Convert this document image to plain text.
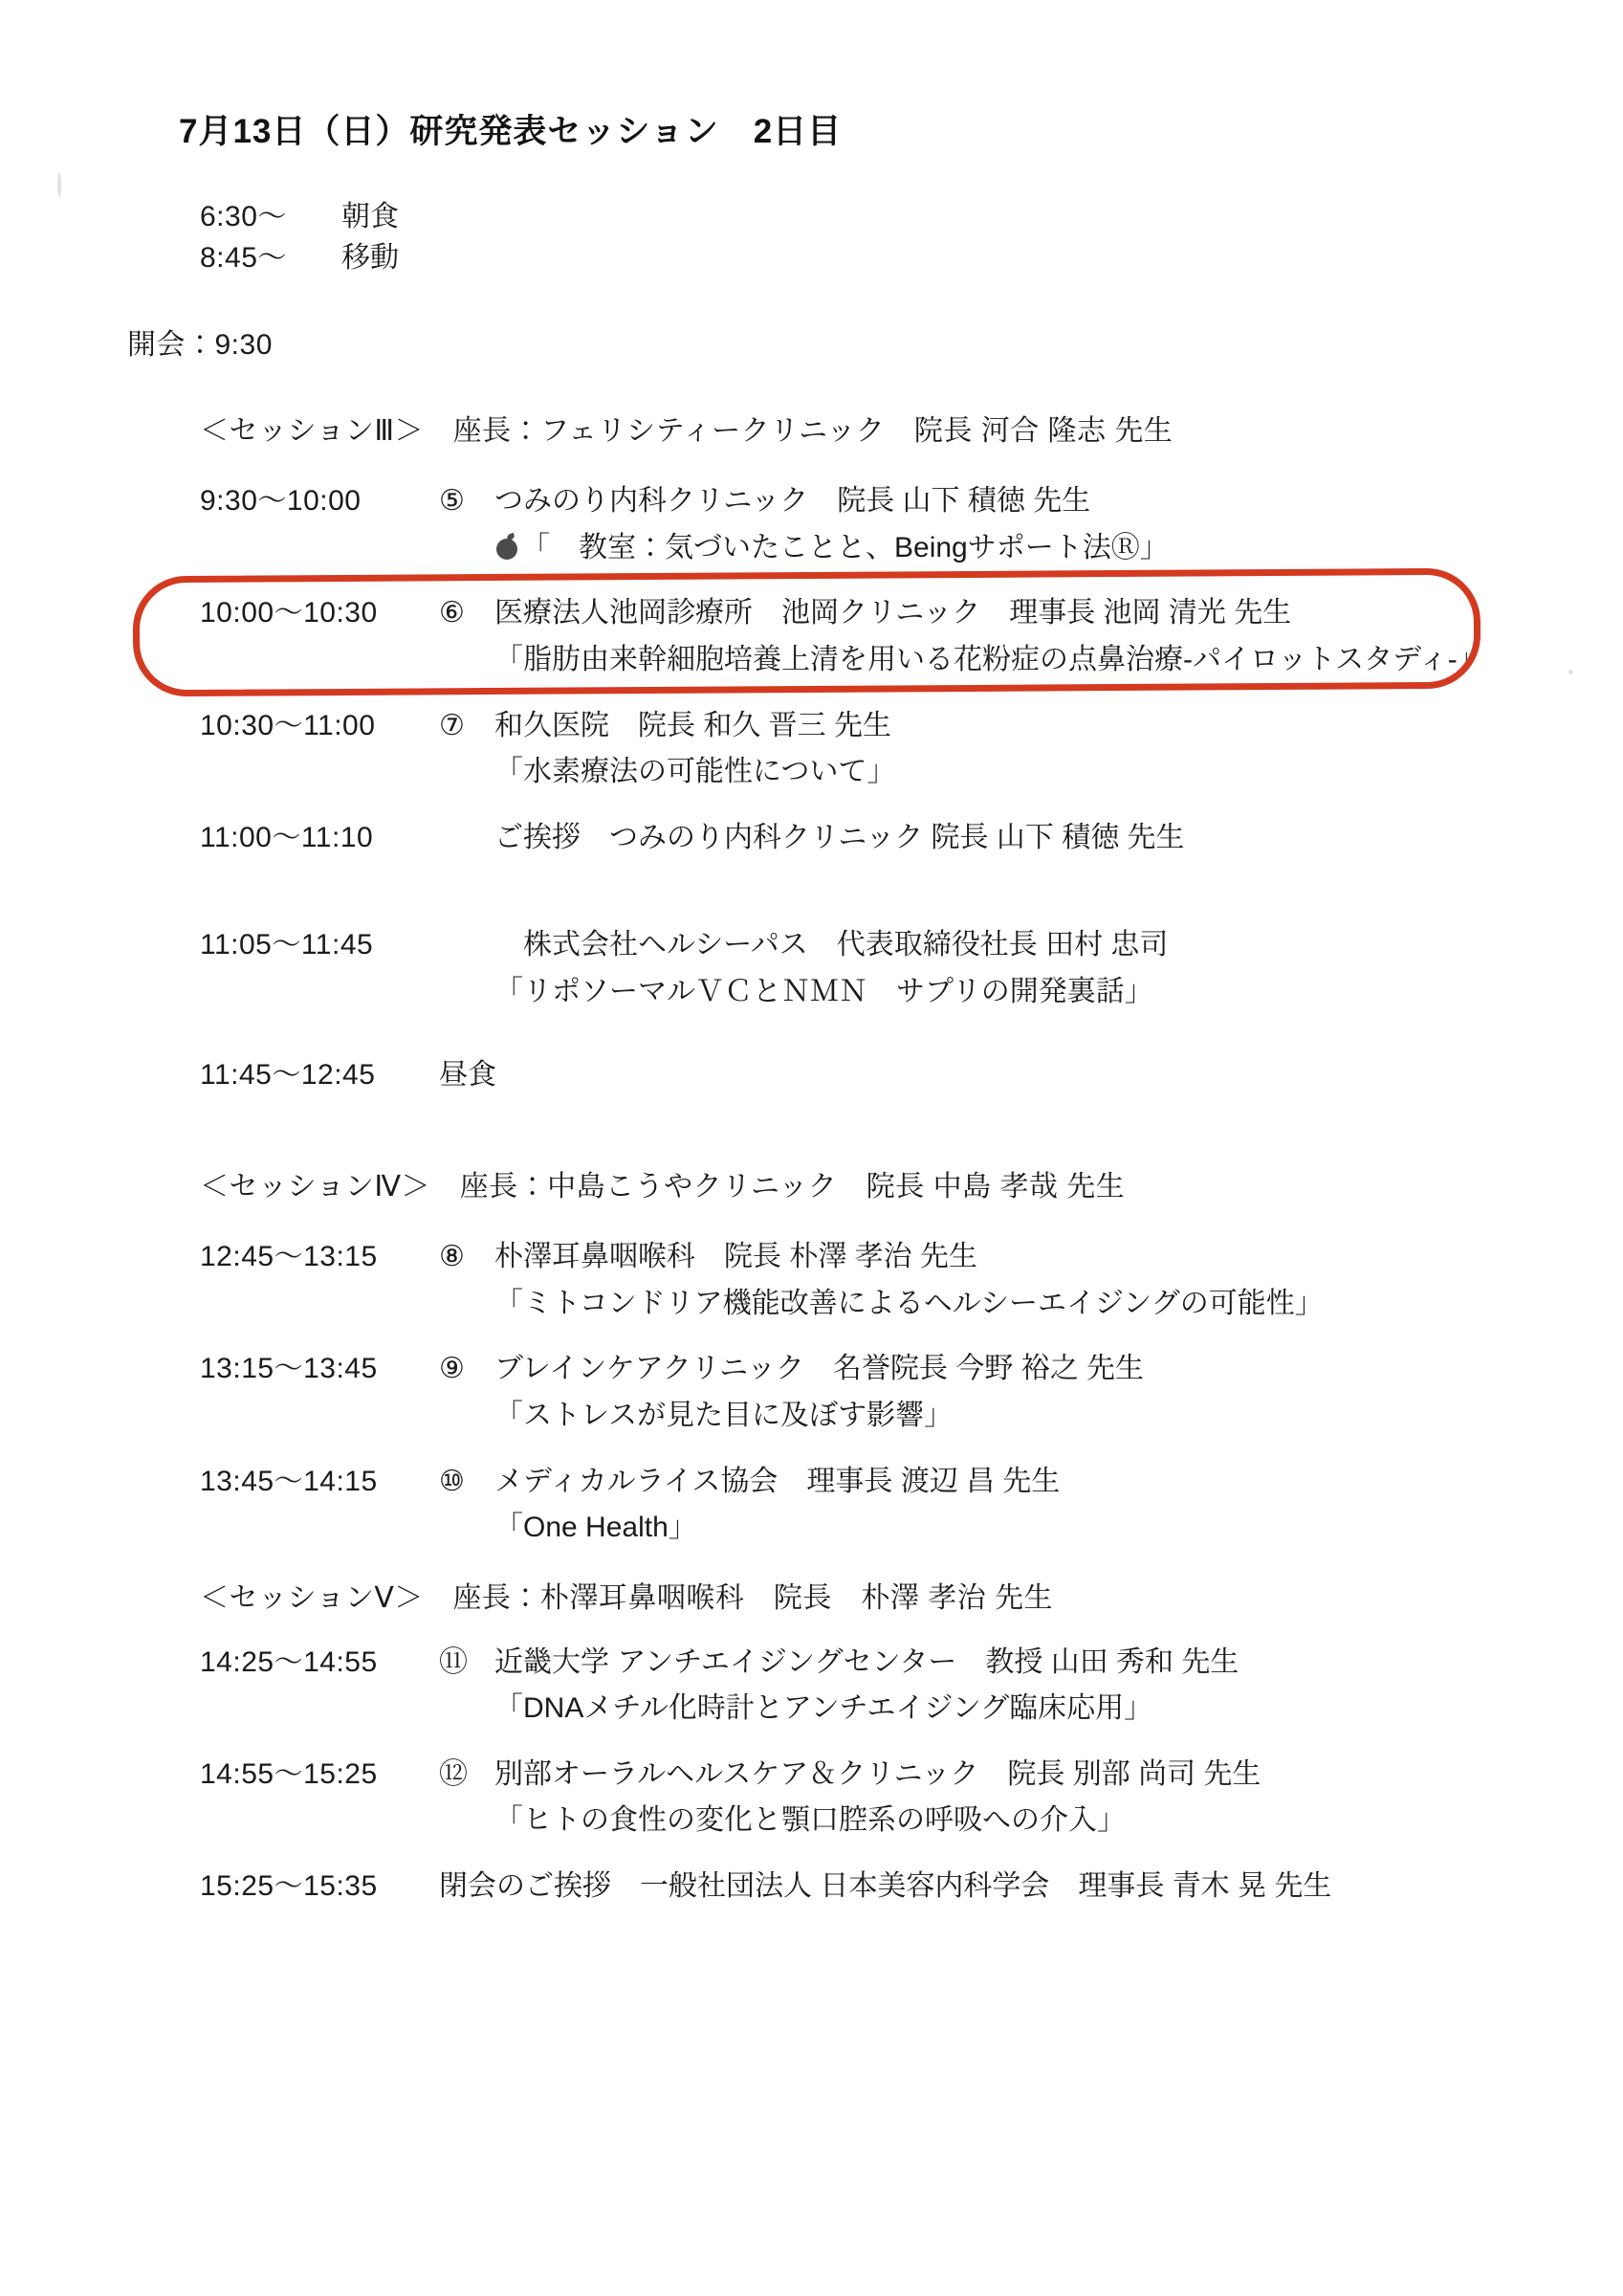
7月13日（日）研究発表セッション　2日目
6:30～	朝食
8:45～	移動
開会：9:30
＜セッションⅢ＞　座長：フェリシティークリニック　院長 河合 隆志 先生
9:30～10:00	⑤ つみのり内科クリニック　院長 山下 積徳 先生
「　教室：気づいたことと、Beingサポート法Ⓡ」
10:00～10:30	⑥ 医療法人池岡診療所　池岡クリニック　理事長 池岡 清光 先生
「脂肪由来幹細胞培養上清を用いる花粉症の点鼻治療-パイロットスタディ-」
10:30～11:00	⑦ 和久医院　院長 和久 晋三 先生
「水素療法の可能性について」
11:00～11:10	ご挨拶　つみのり内科クリニック 院長 山下 積徳 先生
11:05～11:45	　株式会社ヘルシーパス　代表取締役社長 田村 忠司
「リポソーマルＶＣとＮＭＮ　サプリの開発裏話」
11:45～12:45	昼食
＜セッションⅣ＞　座長：中島こうやクリニック　院長 中島 孝哉 先生
12:45～13:15	⑧ 朴澤耳鼻咽喉科　院長 朴澤 孝治 先生
「ミトコンドリア機能改善によるヘルシーエイジングの可能性」
13:15～13:45	⑨ ブレインケアクリニック　名誉院長 今野 裕之 先生
「ストレスが見た目に及ぼす影響」
13:45～14:15	⑩ メディカルライス協会　理事長 渡辺 昌 先生
「One Health」
＜セッションⅤ＞　座長：朴澤耳鼻咽喉科　院長　朴澤 孝治 先生
14:25～14:55	⑪ 近畿大学 アンチエイジングセンター　教授 山田 秀和 先生
「DNAメチル化時計とアンチエイジング臨床応用」
14:55～15:25	⑫ 別部オーラルヘルスケア＆クリニック　院長 別部 尚司 先生
「ヒトの食性の変化と顎口腔系の呼吸への介入」
15:25～15:35	閉会のご挨拶　一般社団法人 日本美容内科学会　理事長 青木 晃 先生
